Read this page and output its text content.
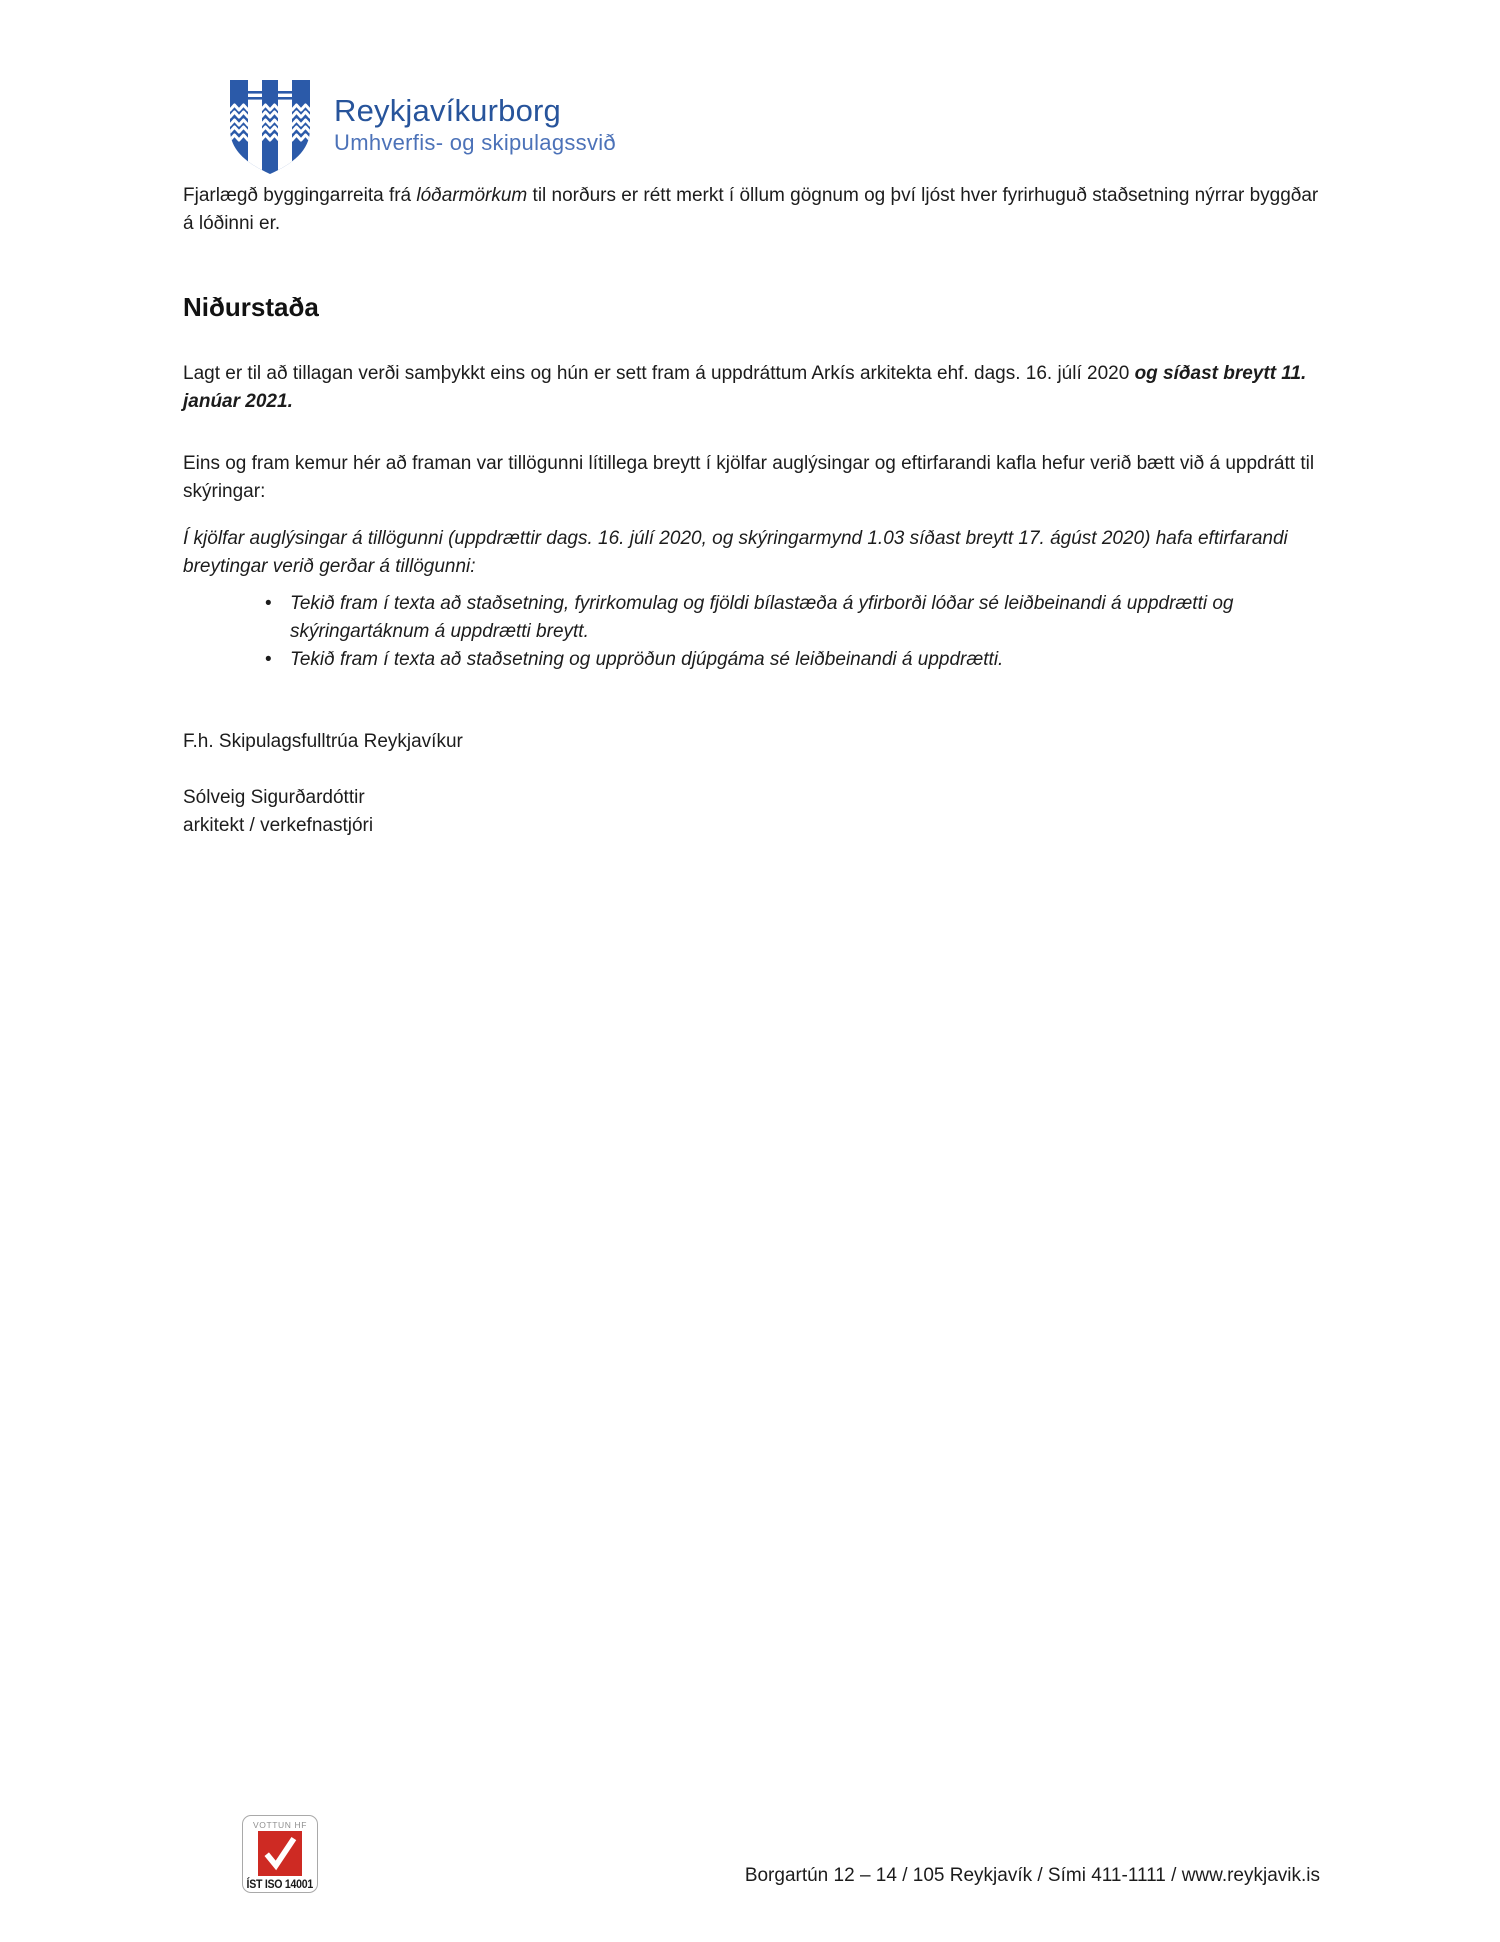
Reykjavíkurborg
Umhverfis- og skipulagssvið

Fjarlægð byggingarreita frá lóðarmörkum til norðurs er rétt merkt í öllum gögnum og því ljóst hver fyrirhuguð staðsetning nýrrar byggðar á lóðinni er.

Niðurstaða

Lagt er til að tillagan verði samþykkt eins og hún er sett fram á uppdráttum Arkís arkitekta ehf. dags. 16. júlí 2020 og síðast breytt 11. janúar 2021.

Eins og fram kemur hér að framan var tillögunni lítillega breytt í kjölfar auglýsingar og eftirfarandi kafla hefur verið bætt við á uppdrátt til skýringar:

Í kjölfar auglýsingar á tillögunni (uppdrættir dags. 16. júlí 2020, og skýringarmynd 1.03 síðast breytt 17. ágúst 2020) hafa eftirfarandi breytingar verið gerðar á tillögunni:

• Tekið fram í texta að staðsetning, fyrirkomulag og fjöldi bílastæða á yfirborði lóðar sé leiðbeinandi á uppdrætti og skýringartáknum á uppdrætti breytt.
• Tekið fram í texta að staðsetning og uppröðun djúpgáma sé leiðbeinandi á uppdrætti.
F.h. Skipulagsfulltrúa Reykjavíkur
Sólveig Sigurðardóttir
arkitekt / verkefnastjóri
VOTTUN HF
ÍST ISO 14001	Borgartún 12 – 14 / 105 Reykjavík / Sími 411-1111 / www.reykjavik.is
